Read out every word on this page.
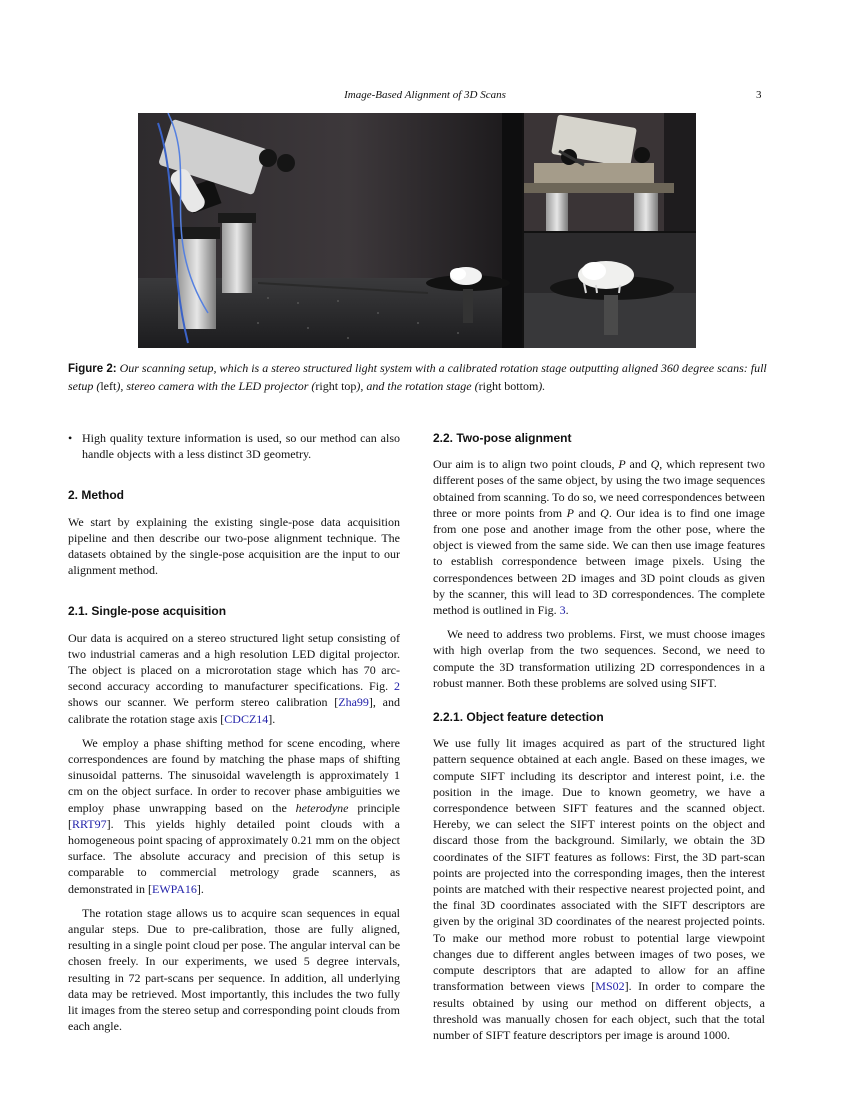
Image-Based Alignment of 3D Scans	3
Figure 2: Our scanning setup, which is a stereo structured light system with a calibrated rotation stage outputting aligned 360 degree scans: full setup (left), stereo camera with the LED projector (right top), and the rotation stage (right bottom).
• High quality texture information is used, so our method can also handle objects with a less distinct 3D geometry.

2. Method

We start by explaining the existing single-pose data acquisition pipeline and then describe our two-pose alignment technique. The datasets obtained by the single-pose acquisition are the input to our alignment method.

2.1. Single-pose acquisition

Our data is acquired on a stereo structured light setup consisting of two industrial cameras and a high resolution LED digital projector. The object is placed on a microrotation stage which has 70 arc-second accuracy according to manufacturer specifications. Fig. 2 shows our scanner. We perform stereo calibration [Zha99], and calibrate the rotation stage axis [CDCZ14].

We employ a phase shifting method for scene encoding, where correspondences are found by matching the phase maps of shifting sinusoidal patterns. The sinusoidal wavelength is approximately 1 cm on the object surface. In order to recover phase ambiguities we employ phase unwrapping based on the heterodyne principle [RRT97]. This yields highly detailed point clouds with a homogeneous point spacing of approximately 0.21 mm on the object surface. The absolute accuracy and precision of this setup is comparable to commercial metrology grade scanners, as demonstrated in [EWPA16].

The rotation stage allows us to acquire scan sequences in equal angular steps. Due to pre-calibration, those are fully aligned, resulting in a single point cloud per pose. The angular interval can be chosen freely. In our experiments, we used 5 degree intervals, resulting in 72 part-scans per sequence. In addition, all underlying data may be retrieved. Most importantly, this includes the two fully lit images from the stereo setup and corresponding point clouds from each angle.

2.2. Two-pose alignment

Our aim is to align two point clouds, P and Q, which represent two different poses of the same object, by using the two image sequences obtained from scanning. To do so, we need correspondences between three or more points from P and Q. Our idea is to find one image from one pose and another image from the other pose, where the object is viewed from the same side. We can then use image features to establish correspondence between image pixels. Using the correspondences between 2D images and 3D point clouds as given by the scanner, this will lead to 3D correspondences. The complete method is outlined in Fig. 3.

We need to address two problems. First, we must choose images with high overlap from the two sequences. Second, we need to compute the 3D transformation utilizing 2D correspondences in a robust manner. Both these problems are solved using SIFT.

2.2.1. Object feature detection

We use fully lit images acquired as part of the structured light pattern sequence obtained at each angle. Based on these images, we compute SIFT including its descriptor and interest point, i.e. the position in the image. Due to known geometry, we have a correspondence between SIFT features and the scanned object. Hereby, we can select the SIFT interest points on the object and discard those from the background. Similarly, we obtain the 3D coordinates of the SIFT features as follows: First, the 3D part-scan points are projected into the corresponding images, then the interest points are matched with their respective nearest projected point, and the final 3D coordinates associated with the SIFT descriptors are given by the original 3D coordinates of the nearest projected points. To make our method more robust to potential large viewpoint changes due to different angles between images of two poses, we compute descriptors that are adapted to allow for an affine transformation between views [MS02]. In order to compare the results obtained by using our method on different objects, a threshold was manually chosen for each object, such that the total number of SIFT feature descriptors per image is around 1000.
